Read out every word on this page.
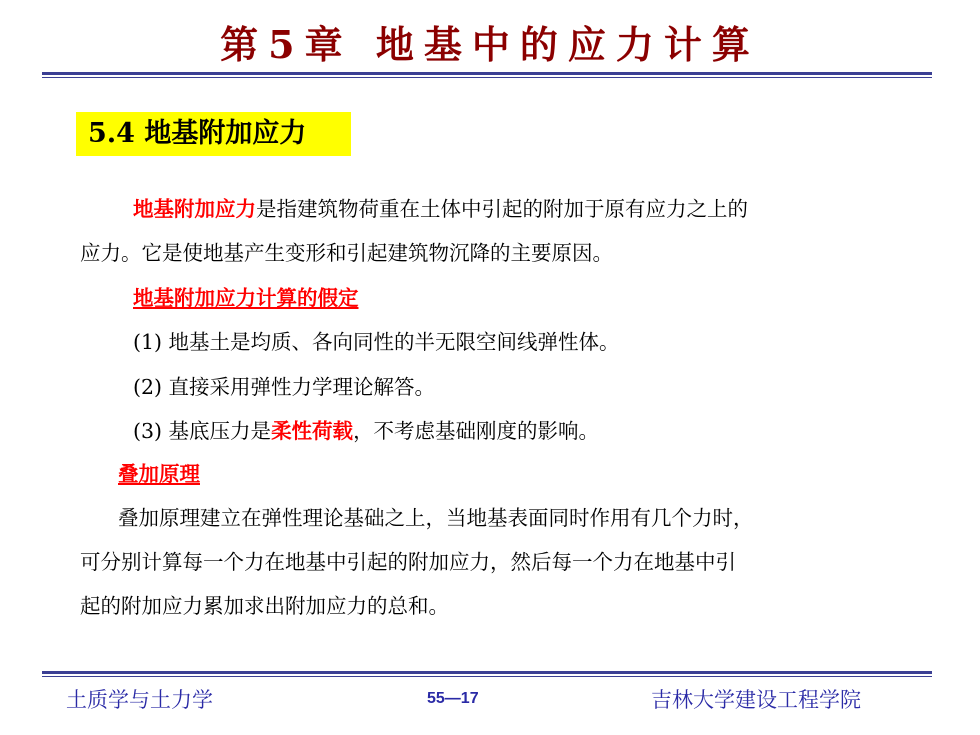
第5章 地基中的应力计算
5.4 地基附加应力
地基附加应力是指建筑物荷重在土体中引起的附加于原有应力之上的
应力。它是使地基产生变形和引起建筑物沉降的主要原因。
地基附加应力计算的假定
(1) 地基土是均质、各向同性的半无限空间线弹性体。
(2) 直接采用弹性力学理论解答。
(3) 基底压力是柔性荷载，不考虑基础刚度的影响。
叠加原理
叠加原理建立在弹性理论基础之上，当地基表面同时作用有几个力时，
可分别计算每一个力在地基中引起的附加应力，然后每一个力在地基中引
起的附加应力累加求出附加应力的总和。
土质学与土力学	55—17	吉林大学建设工程学院
